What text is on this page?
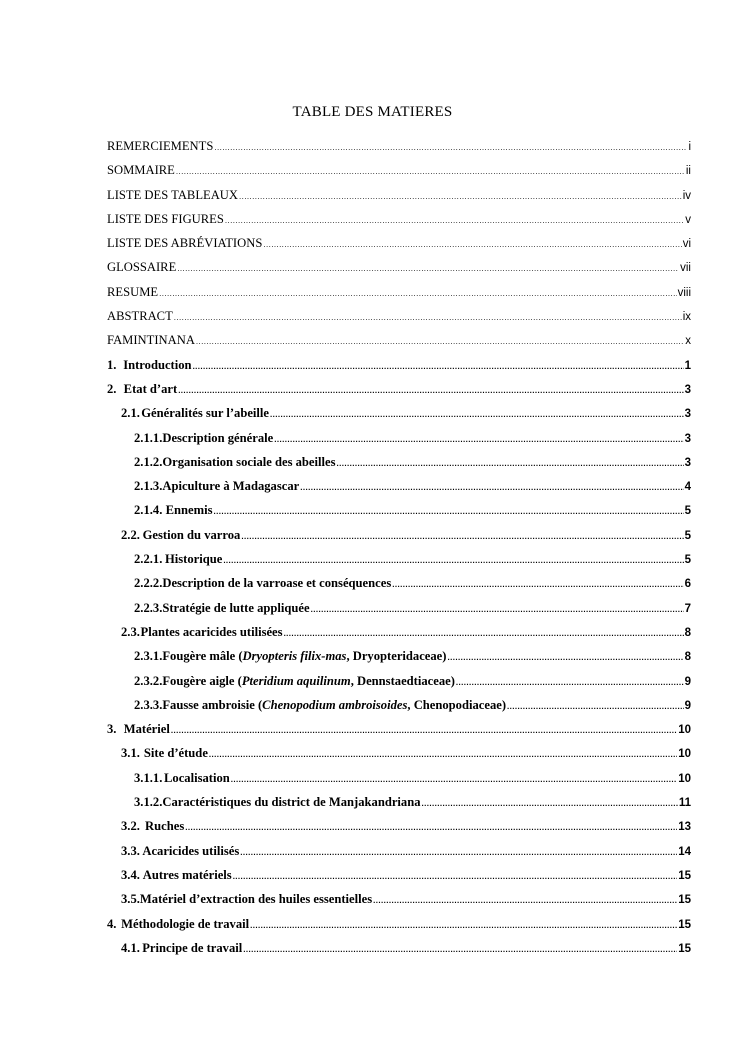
TABLE DES MATIERES
REMERCIEMENTS .....	i
SOMMAIRE .....	ii
LISTE DES TABLEAUX .....	iv
LISTE DES FIGURES .....	v
LISTE DES ABRÉVIATIONS .....	vi
GLOSSAIRE .....	vii
RESUME .....	viii
ABSTRACT .....	ix
FAMINTINANA .....	x
1. Introduction .....	1
2. Etat d’art .....	3
2.1. Généralités sur l’abeille .....	3
2.1.1. Description générale .....	3
2.1.2. Organisation sociale des abeilles .....	3
2.1.3. Apiculture à Madagascar .....	4
2.1.4. Ennemis .....	5
2.2. Gestion du varroa .....	5
2.2.1. Historique .....	5
2.2.2. Description de la varroase et conséquences .....	6
2.2.3. Stratégie de lutte appliquée .....	7
2.3. Plantes acaricides utilisées .....	8
2.3.1. Fougère mâle (Dryopteris filix-mas, Dryopteridaceae) .....	8
2.3.2. Fougère aigle (Pteridium aquilinum, Dennstaedtiaceae) .....	9
2.3.3. Fausse ambroisie (Chenopodium ambroisoides, Chenopodiaceae) .....	9
3. Matériel .....	10
3.1. Site d’étude .....	10
3.1.1. Localisation .....	10
3.1.2. Caractéristiques du district de Manjakandriana .....	11
3.2. Ruches .....	13
3.3. Acaricides utilisés .....	14
3.4. Autres matériels .....	15
3.5. Matériel d’extraction des huiles essentielles .....	15
4. Méthodologie de travail .....	15
4.1. Principe de travail .....	15
